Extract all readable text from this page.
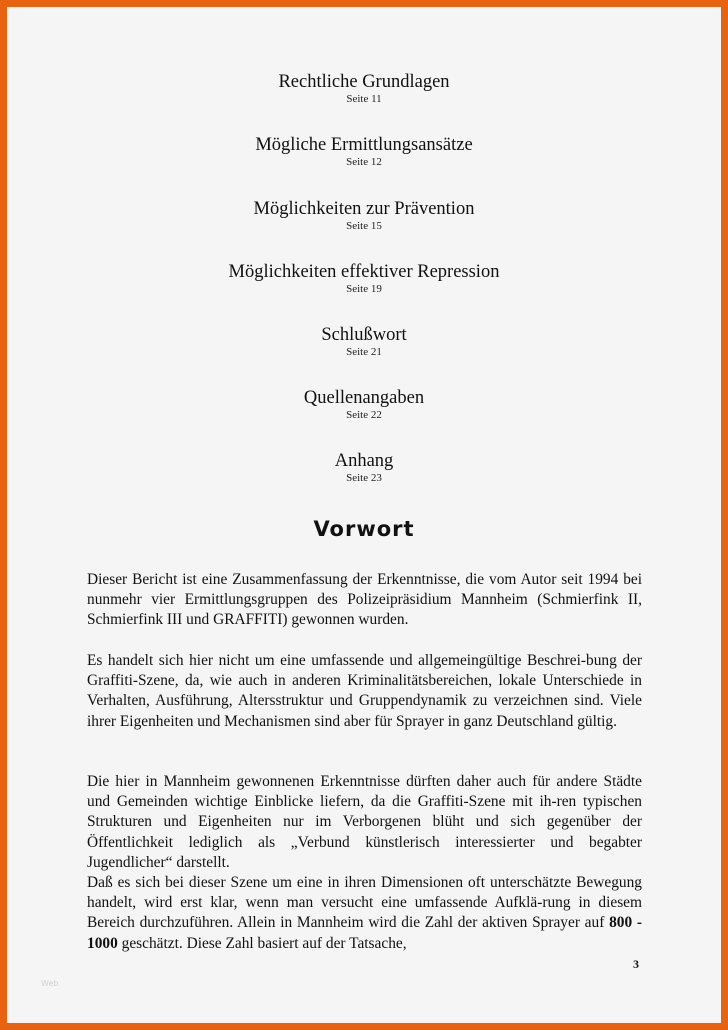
Rechtliche Grundlagen
Seite 11
Mögliche Ermittlungsansätze
Seite 12
Möglichkeiten zur Prävention
Seite 15
Möglichkeiten effektiver Repression
Seite 19
Schlußwort
Seite 21
Quellenangaben
Seite 22
Anhang
Seite 23
Vorwort

Dieser Bericht ist eine Zusammenfassung der Erkenntnisse, die vom Autor seit 1994 bei nunmehr vier Ermittlungsgruppen des Polizeipräsidium Mannheim (Schmierfink II, Schmierfink III und GRAFFITI) gewonnen wurden.

Es handelt sich hier nicht um eine umfassende und allgemeingültige Beschrei-bung der Graffiti-Szene, da, wie auch in anderen Kriminalitätsbereichen, lokale Unterschiede in Verhalten, Ausführung, Altersstruktur und Gruppendynamik zu verzeichnen sind. Viele ihrer Eigenheiten und Mechanismen sind aber für Sprayer in ganz Deutschland gültig.

Die hier in Mannheim gewonnenen Erkenntnisse dürften daher auch für andere Städte und Gemeinden wichtige Einblicke liefern, da die Graffiti-Szene mit ih-ren typischen Strukturen und Eigenheiten nur im Verborgenen blüht und sich gegenüber der Öffentlichkeit lediglich als „Verbund künstlerisch interessierter und begabter Jugendlicher“ darstellt.

Daß es sich bei dieser Szene um eine in ihren Dimensionen oft unterschätzte Bewegung handelt, wird erst klar, wenn man versucht eine umfassende Aufklä-rung in diesem Bereich durchzuführen. Allein in Mannheim wird die Zahl der aktiven Sprayer auf 800 - 1000 geschätzt. Diese Zahl basiert auf der Tatsache,

3
Web
